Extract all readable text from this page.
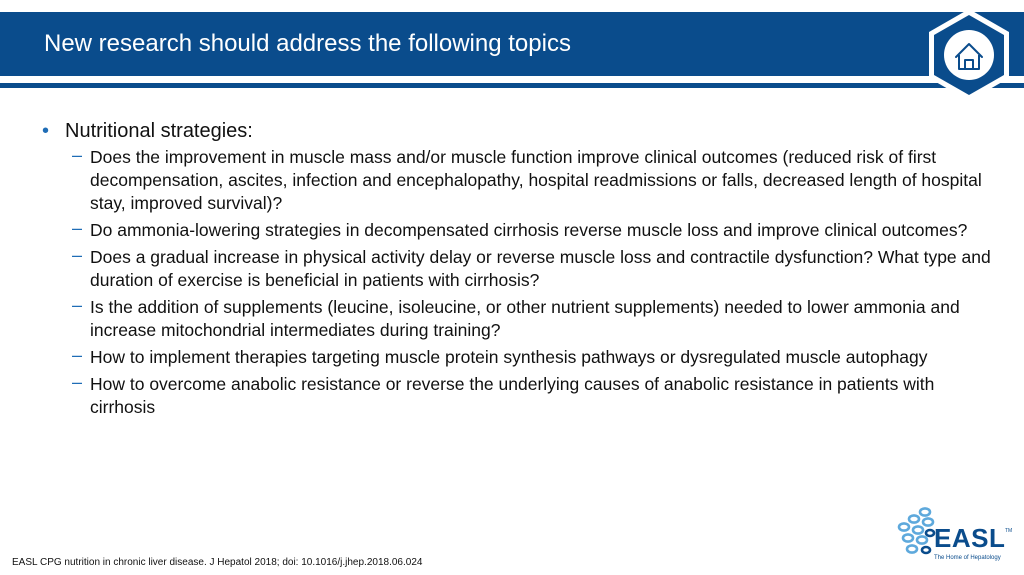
New research should address the following topics
• Nutritional strategies:
– Does the improvement in muscle mass and/or muscle function improve clinical outcomes (reduced risk of first decompensation, ascites, infection and encephalopathy, hospital readmissions or falls, decreased length of hospital stay, improved survival)?
– Do ammonia-lowering strategies in decompensated cirrhosis reverse muscle loss and improve clinical outcomes?
– Does a gradual increase in physical activity delay or reverse muscle loss and contractile dysfunction? What type and duration of exercise is beneficial in patients with cirrhosis?
– Is the addition of supplements (leucine, isoleucine, or other nutrient supplements) needed to lower ammonia and increase mitochondrial intermediates during training?
– How to implement therapies targeting muscle protein synthesis pathways or dysregulated muscle autophagy
– How to overcome anabolic resistance or reverse the underlying causes of anabolic resistance in patients with cirrhosis
EASL CPG nutrition in chronic liver disease. J Hepatol 2018; doi: 10.1016/j.jhep.2018.06.024
EASL TM
The Home of Hepatology
